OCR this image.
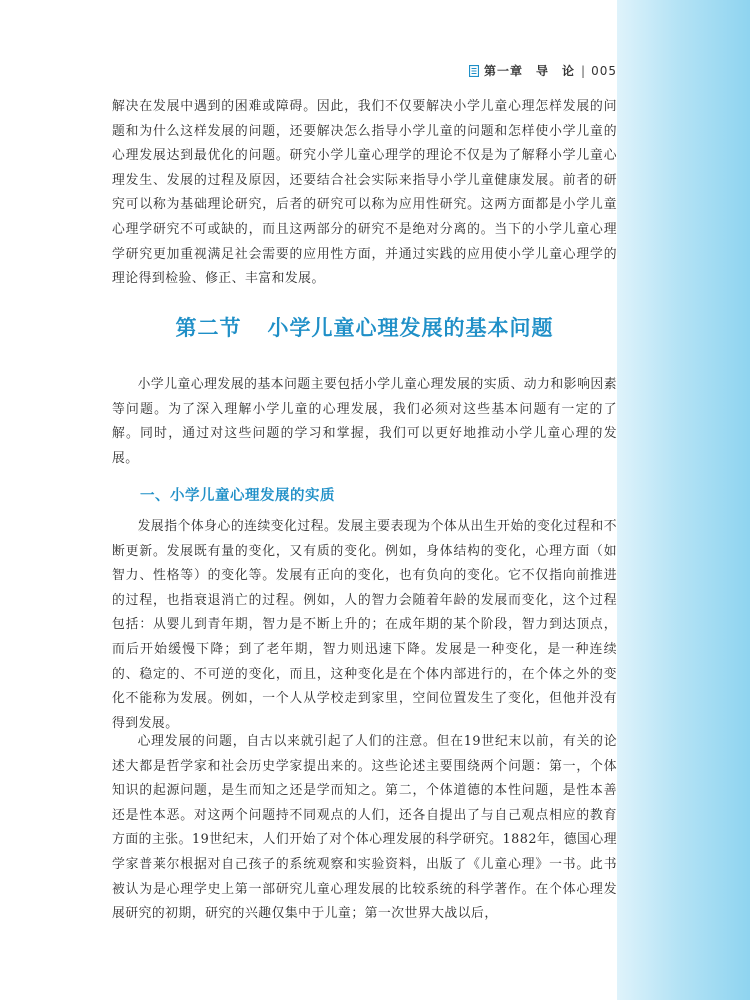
第一章　导　论 | 005

解决在发展中遇到的困难或障碍。因此，我们不仅要解决小学儿童心理怎样发展的问题和为什么这样发展的问题，还要解决怎么指导小学儿童的问题和怎样使小学儿童的心理发展达到最优化的问题。研究小学儿童心理学的理论不仅是为了解释小学儿童心理发生、发展的过程及原因，还要结合社会实际来指导小学儿童健康发展。前者的研究可以称为基础理论研究，后者的研究可以称为应用性研究。这两方面都是小学儿童心理学研究不可或缺的，而且这两部分的研究不是绝对分离的。当下的小学儿童心理学研究更加重视满足社会需要的应用性方面，并通过实践的应用使小学儿童心理学的理论得到检验、修正、丰富和发展。

第二节 小学儿童心理发展的基本问题

小学儿童心理发展的基本问题主要包括小学儿童心理发展的实质、动力和影响因素等问题。为了深入理解小学儿童的心理发展，我们必须对这些基本问题有一定的了解。同时，通过对这些问题的学习和掌握，我们可以更好地推动小学儿童心理的发展。

一、小学儿童心理发展的实质

发展指个体身心的连续变化过程。发展主要表现为个体从出生开始的变化过程和不断更新。发展既有量的变化，又有质的变化。例如，身体结构的变化，心理方面（如智力、性格等）的变化等。发展有正向的变化，也有负向的变化。它不仅指向前推进的过程，也指衰退消亡的过程。例如，人的智力会随着年龄的发展而变化，这个过程包括：从婴儿到青年期，智力是不断上升的；在成年期的某个阶段，智力到达顶点，而后开始缓慢下降；到了老年期，智力则迅速下降。发展是一种变化，是一种连续的、稳定的、不可逆的变化，而且，这种变化是在个体内部进行的，在个体之外的变化不能称为发展。例如，一个人从学校走到家里，空间位置发生了变化，但他并没有得到发展。

心理发展的问题，自古以来就引起了人们的注意。但在19世纪末以前，有关的论述大都是哲学家和社会历史学家提出来的。这些论述主要围绕两个问题：第一，个体知识的起源问题，是生而知之还是学而知之。第二，个体道德的本性问题，是性本善还是性本恶。对这两个问题持不同观点的人们，还各自提出了与自己观点相应的教育方面的主张。19世纪末，人们开始了对个体心理发展的科学研究。1882年，德国心理学家普莱尔根据对自己孩子的系统观察和实验资料，出版了《儿童心理》一书。此书被认为是心理学史上第一部研究儿童心理发展的比较系统的科学著作。在个体心理发展研究的初期，研究的兴趣仅集中于儿童；第一次世界大战以后，
